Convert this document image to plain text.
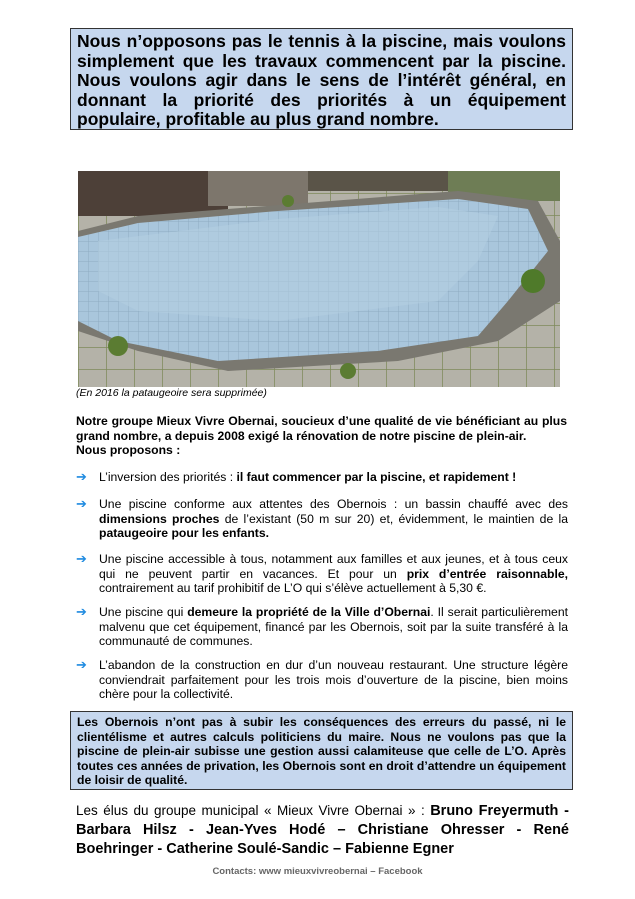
Nous n’opposons pas le tennis à la piscine, mais voulons simplement que les travaux commencent par la piscine. Nous voulons agir dans le sens de l’intérêt général, en donnant la priorité des priorités à un équipement populaire, profitable au plus grand nombre.
(En 2016 la pataugeoire sera supprimée)
Notre groupe Mieux Vivre Obernai, soucieux d’une qualité de vie bénéficiant au plus grand nombre, a depuis 2008 exigé la rénovation de notre piscine de plein-air.
Nous proposons :
➔ L’inversion des priorités : il faut commencer par la piscine, et rapidement !
➔ Une piscine conforme aux attentes des Obernois : un bassin chauffé avec des dimensions proches de l’existant (50 m sur 20) et, évidemment, le maintien de la pataugeoire pour les enfants.
➔ Une piscine accessible à tous, notamment aux familles et aux jeunes, et à tous ceux qui ne peuvent partir en vacances. Et pour un prix d’entrée raisonnable, contrairement au tarif prohibitif de L’O qui s’élève actuellement à 5,30 €.
➔ Une piscine qui demeure la propriété de la Ville d’Obernai. Il serait particulièrement malvenu que cet équipement, financé par les Obernois, soit par la suite transféré à la communauté de communes.
➔ L’abandon de la construction en dur d’un nouveau restaurant. Une structure légère conviendrait parfaitement pour les trois mois d’ouverture de la piscine, bien moins chère pour la collectivité.
Les Obernois n’ont pas à subir les conséquences des erreurs du passé, ni le clientélisme et autres calculs politiciens du maire. Nous ne voulons pas que la piscine de plein-air subisse une gestion aussi calamiteuse que celle de L’O. Après toutes ces années de privation, les Obernois sont en droit d’attendre un équipement de loisir de qualité.
Les élus du groupe municipal « Mieux Vivre Obernai » : Bruno Freyermuth - Barbara Hilsz - Jean-Yves Hodé – Christiane Ohresser - René Boehringer - Catherine Soulé-Sandic – Fabienne Egner
Contacts: www mieuxvivreobernai – Facebook
